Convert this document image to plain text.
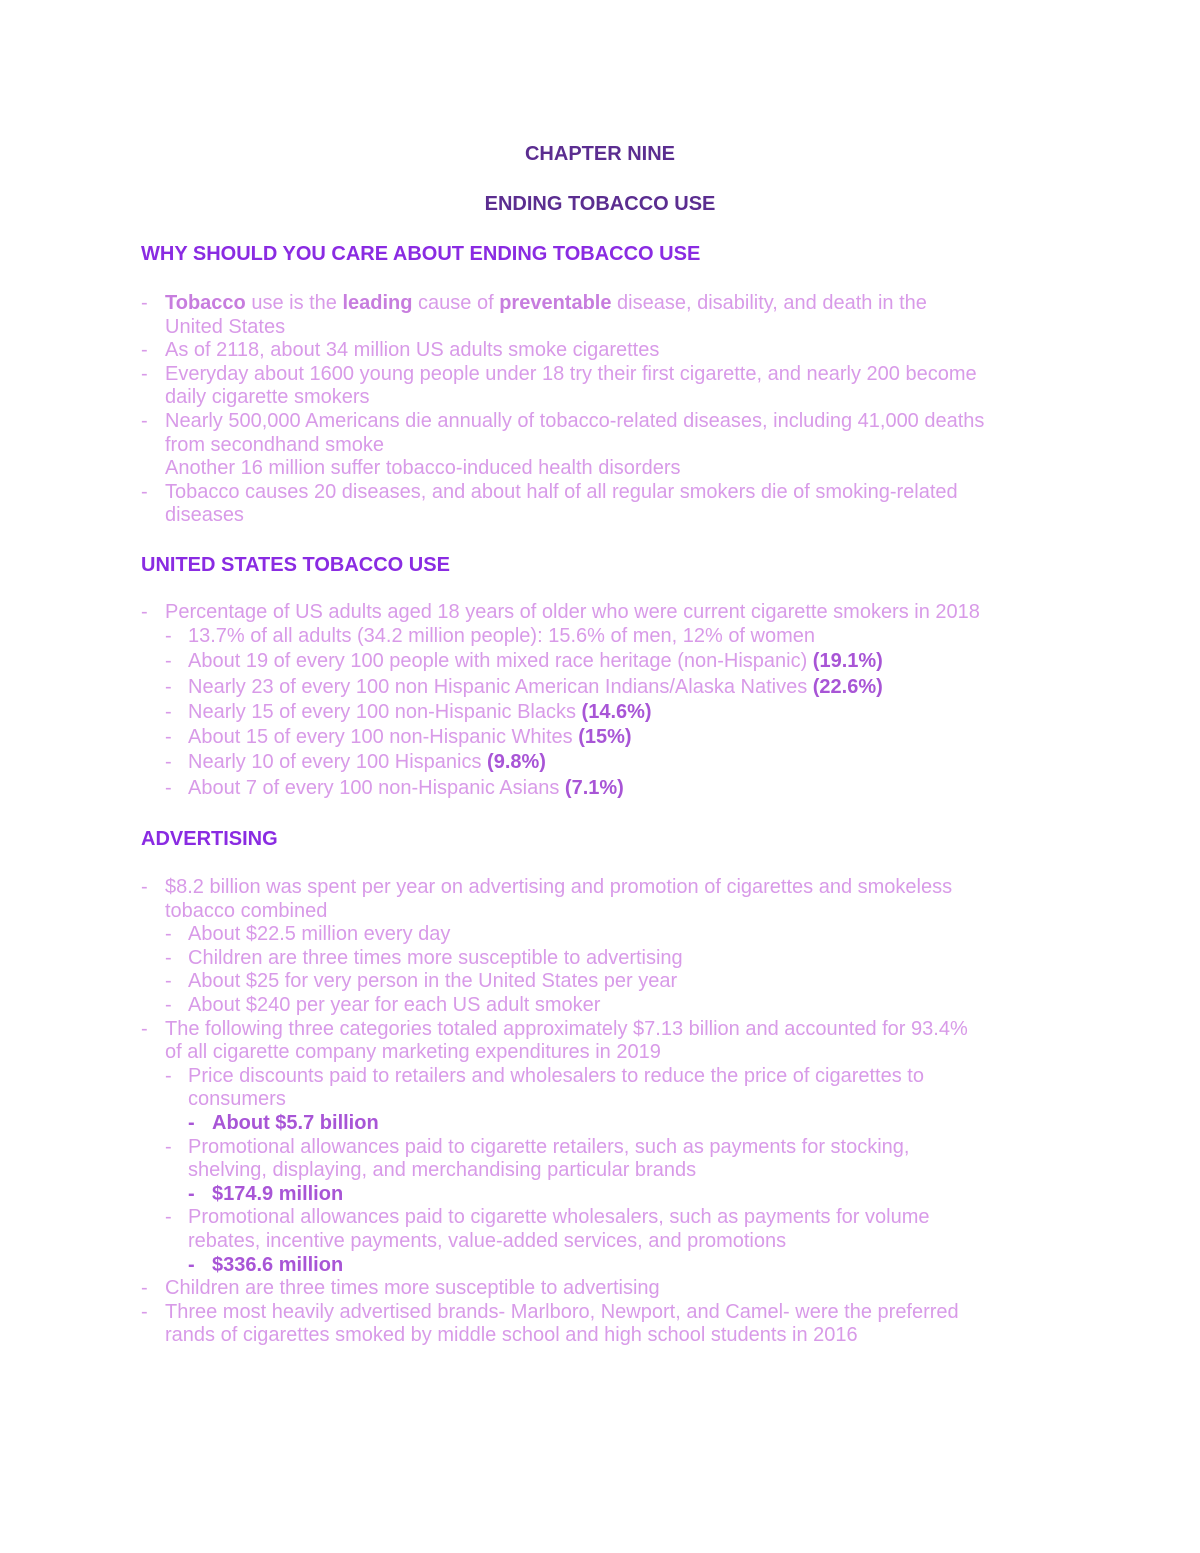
CHAPTER NINE
ENDING TOBACCO USE
WHY SHOULD YOU CARE ABOUT ENDING TOBACCO USE
- Tobacco use is the leading cause of preventable disease, disability, and death in the
United States
- As of 2118, about 34 million US adults smoke cigarettes
- Everyday about 1600 young people under 18 try their first cigarette, and nearly 200 become
daily cigarette smokers
- Nearly 500,000 Americans die annually of tobacco-related diseases, including 41,000 deaths
from secondhand smoke
Another 16 million suffer tobacco-induced health disorders
- Tobacco causes 20 diseases, and about half of all regular smokers die of smoking-related
diseases
UNITED STATES TOBACCO USE
- Percentage of US adults aged 18 years of older who were current cigarette smokers in 2018
- 13.7% of all adults (34.2 million people): 15.6% of men, 12% of women
- About 19 of every 100 people with mixed race heritage (non-Hispanic) (19.1%)
- Nearly 23 of every 100 non Hispanic American Indians/Alaska Natives (22.6%)
- Nearly 15 of every 100 non-Hispanic Blacks (14.6%)
- About 15 of every 100 non-Hispanic Whites (15%)
- Nearly 10 of every 100 Hispanics (9.8%)
- About 7 of every 100 non-Hispanic Asians (7.1%)
ADVERTISING
- $8.2 billion was spent per year on advertising and promotion of cigarettes and smokeless
tobacco combined
- About $22.5 million every day
- Children are three times more susceptible to advertising
- About $25 for very person in the United States per year
- About $240 per year for each US adult smoker
- The following three categories totaled approximately $7.13 billion and accounted for 93.4%
of all cigarette company marketing expenditures in 2019
- Price discounts paid to retailers and wholesalers to reduce the price of cigarettes to
consumers
- About $5.7 billion
- Promotional allowances paid to cigarette retailers, such as payments for stocking,
shelving, displaying, and merchandising particular brands
- $174.9 million
- Promotional allowances paid to cigarette wholesalers, such as payments for volume
rebates, incentive payments, value-added services, and promotions
- $336.6 million
- Children are three times more susceptible to advertising
- Three most heavily advertised brands- Marlboro, Newport, and Camel- were the preferred
rands of cigarettes smoked by middle school and high school students in 2016
